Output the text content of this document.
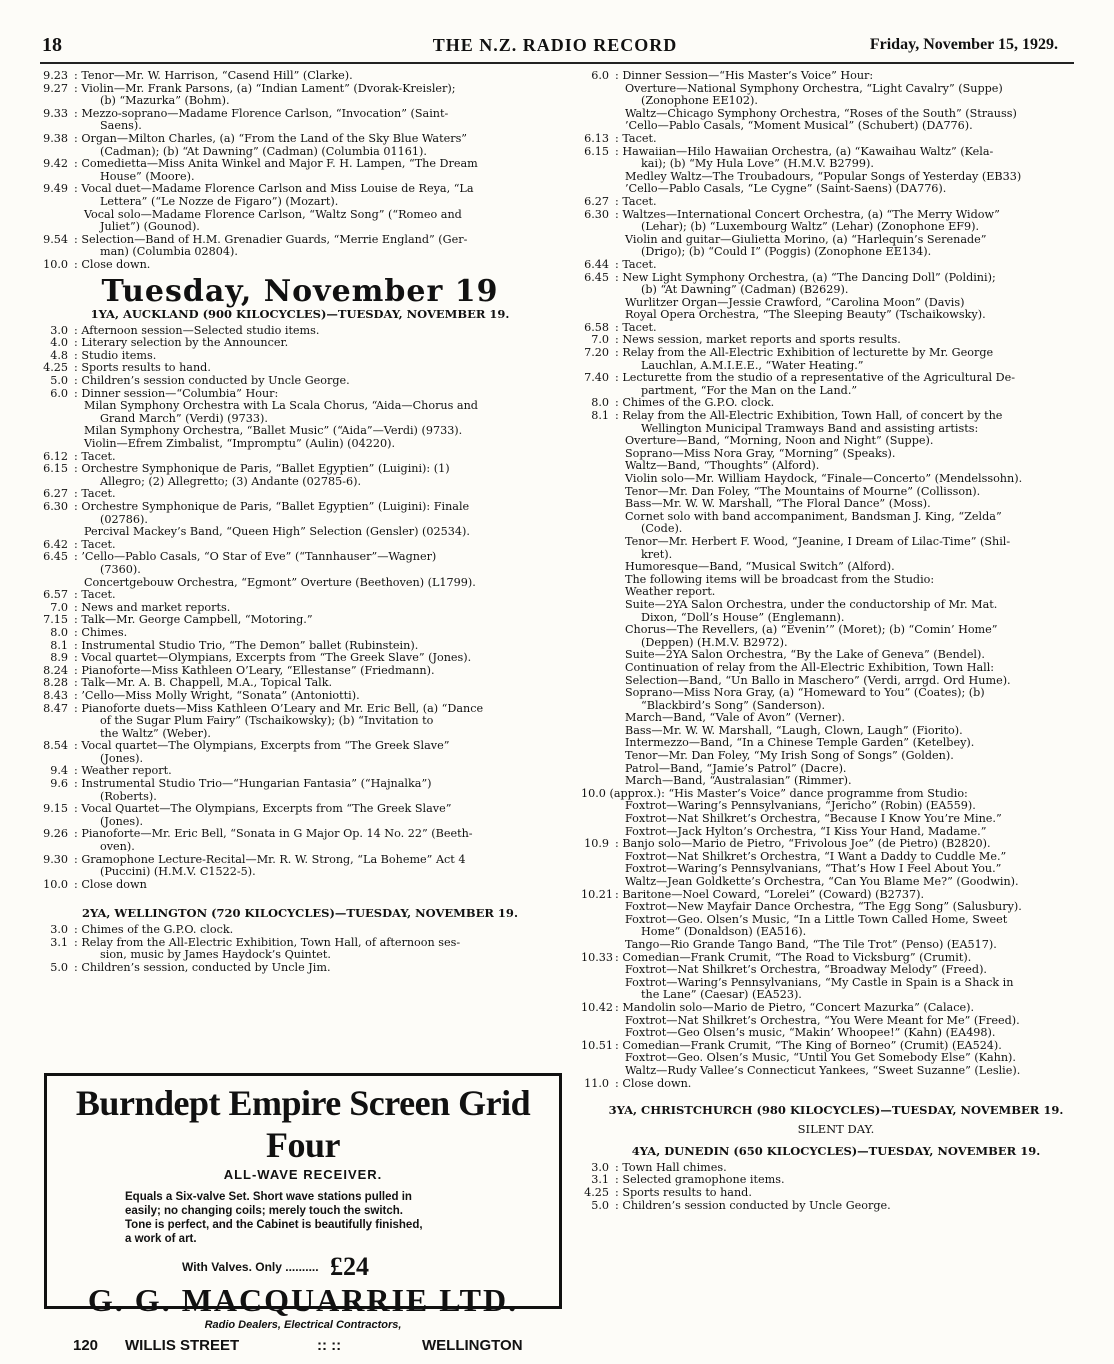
18	THE N.Z. RADIO RECORD	Friday, November 15, 1929.
9.23 : Tenor—Mr. W. Harrison, “Casend Hill” (Clarke).
9.27 : Violin—Mr. Frank Parsons, (a) “Indian Lament” (Dvorak-Kreisler);
(b) “Mazurka” (Bohm).
9.33 : Mezzo-soprano—Madame Florence Carlson, “Invocation” (Saint-
Saens).
9.38 : Organ—Milton Charles, (a) “From the Land of the Sky Blue Waters”
(Cadman); (b) “At Dawning” (Cadman) (Columbia 01161).
9.42 : Comedietta—Miss Anita Winkel and Major F. H. Lampen, “The Dream
House” (Moore).
9.49 : Vocal duet—Madame Florence Carlson and Miss Louise de Reya, “La
Lettera” (“Le Nozze de Figaro”) (Mozart).
Vocal solo—Madame Florence Carlson, “Waltz Song” (“Romeo and
Juliet”) (Gounod).
9.54 : Selection—Band of H.M. Grenadier Guards, “Merrie England” (Ger-
man) (Columbia 02804).
10.0 : Close down.
Tuesday, November 19
1YA, AUCKLAND (900 KILOCYCLES)—TUESDAY, NOVEMBER 19.
3.0 : Afternoon session—Selected studio items.
4.0 : Literary selection by the Announcer.
4.8 : Studio items.
4.25 : Sports results to hand.
5.0 : Children’s session conducted by Uncle George.
6.0 : Dinner session—“Columbia” Hour:
Milan Symphony Orchestra with La Scala Chorus, “Aida—Chorus and
Grand March” (Verdi) (9733).
Milan Symphony Orchestra, “Ballet Music” (“Aida”—Verdi) (9733).
Violin—Efrem Zimbalist, “Impromptu” (Aulin) (04220).
6.12 : Tacet.
6.15 : Orchestre Symphonique de Paris, “Ballet Egyptien” (Luigini): (1)
Allegro; (2) Allegretto; (3) Andante (02785-6).
6.27 : Tacet.
6.30 : Orchestre Symphonique de Paris, “Ballet Egyptien” (Luigini): Finale
(02786).
Percival Mackey’s Band, “Queen High” Selection (Gensler) (02534).
6.42 : Tacet.
6.45 : ’Cello—Pablo Casals, “O Star of Eve” (“Tannhauser”—Wagner)
(7360).
Concertgebouw Orchestra, “Egmont” Overture (Beethoven) (L1799).
6.57 : Tacet.
7.0 : News and market reports.
7.15 : Talk—Mr. George Campbell, “Motoring.”
8.0 : Chimes.
8.1 : Instrumental Studio Trio, “The Demon” ballet (Rubinstein).
8.9 : Vocal quartet—Olympians, Excerpts from “The Greek Slave” (Jones).
8.24 : Pianoforte—Miss Kathleen O’Leary, “Ellestanse” (Friedmann).
8.28 : Talk—Mr. A. B. Chappell, M.A., Topical Talk.
8.43 : ’Cello—Miss Molly Wright, “Sonata” (Antoniotti).
8.47 : Pianoforte duets—Miss Kathleen O’Leary and Mr. Eric Bell, (a) “Dance
of the Sugar Plum Fairy” (Tschaikowsky); (b) “Invitation to
the Waltz” (Weber).
8.54 : Vocal quartet—The Olympians, Excerpts from “The Greek Slave”
(Jones).
9.4 : Weather report.
9.6 : Instrumental Studio Trio—“Hungarian Fantasia” (“Hajnalka”)
(Roberts).
9.15 : Vocal Quartet—The Olympians, Excerpts from “The Greek Slave”
(Jones).
9.26 : Pianoforte—Mr. Eric Bell, “Sonata in G Major Op. 14 No. 22” (Beeth-
oven).
9.30 : Gramophone Lecture-Recital—Mr. R. W. Strong, “La Boheme” Act 4
(Puccini) (H.M.V. C1522-5).
10.0 : Close down
2YA, WELLINGTON (720 KILOCYCLES)—TUESDAY, NOVEMBER 19.
3.0 : Chimes of the G.P.O. clock.
3.1 : Relay from the All-Electric Exhibition, Town Hall, of afternoon ses-
sion, music by James Haydock’s Quintet.
5.0 : Children’s session, conducted by Uncle Jim.
Burndept Empire Screen Grid Four
ALL-WAVE RECEIVER.
Equals a Six-valve Set. Short wave stations pulled in
easily; no changing coils; merely touch the switch.
Tone is perfect, and the Cabinet is beautifully finished,
a work of art.
With Valves. Only .......... £24
G. G. MACQUARRIE LTD.
Radio Dealers, Electrical Contractors,
120 WILLIS STREET	:: ::	WELLINGTON
6.0 : Dinner Session—“His Master’s Voice” Hour:
Overture—National Symphony Orchestra, “Light Cavalry” (Suppe)
(Zonophone EE102).
Waltz—Chicago Symphony Orchestra, “Roses of the South” (Strauss)
’Cello—Pablo Casals, “Moment Musical” (Schubert) (DA776).
6.13 : Tacet.
6.15 : Hawaiian—Hilo Hawaiian Orchestra, (a) “Kawaihau Waltz” (Kela-
kai); (b) “My Hula Love” (H.M.V. B2799).
Medley Waltz—The Troubadours, “Popular Songs of Yesterday (EB33)
’Cello—Pablo Casals, “Le Cygne” (Saint-Saens) (DA776).
6.27 : Tacet.
6.30 : Waltzes—International Concert Orchestra, (a) “The Merry Widow”
(Lehar); (b) “Luxembourg Waltz” (Lehar) (Zonophone EF9).
Violin and guitar—Giulietta Morino, (a) “Harlequin’s Serenade”
(Drigo); (b) “Could I” (Poggis) (Zonophone EE134).
6.44 : Tacet.
6.45 : New Light Symphony Orchestra, (a) “The Dancing Doll” (Poldini);
(b) “At Dawning” (Cadman) (B2629).
Wurlitzer Organ—Jessie Crawford, “Carolina Moon” (Davis)
Royal Opera Orchestra, “The Sleeping Beauty” (Tschaikowsky).
6.58 : Tacet.
7.0 : News session, market reports and sports results.
7.20 : Relay from the All-Electric Exhibition of lecturette by Mr. George
Lauchlan, A.M.I.E.E., “Water Heating.”
7.40 : Lecturette from the studio of a representative of the Agricultural De-
partment, “For the Man on the Land.”
8.0 : Chimes of the G.P.O. clock.
8.1 : Relay from the All-Electric Exhibition, Town Hall, of concert by the
Wellington Municipal Tramways Band and assisting artists:
Overture—Band, “Morning, Noon and Night” (Suppe).
Soprano—Miss Nora Gray, “Morning” (Speaks).
Waltz—Band, “Thoughts” (Alford).
Violin solo—Mr. William Haydock, “Finale—Concerto” (Mendelssohn).
Tenor—Mr. Dan Foley, “The Mountains of Mourne” (Collisson).
Bass—Mr. W. W. Marshall, “The Floral Dance” (Moss).
Cornet solo with band accompaniment, Bandsman J. King, “Zelda”
(Code).
Tenor—Mr. Herbert F. Wood, “Jeanine, I Dream of Lilac-Time” (Shil-
kret).
Humoresque—Band, “Musical Switch” (Alford).
The following items will be broadcast from the Studio:
Weather report.
Suite—2YA Salon Orchestra, under the conductorship of Mr. Mat.
Dixon, “Doll’s House” (Englemann).
Chorus—The Revellers, (a) “Evenin’” (Moret); (b) “Comin’ Home”
(Deppen) (H.M.V. B2972).
Suite—2YA Salon Orchestra, “By the Lake of Geneva” (Bendel).
Continuation of relay from the All-Electric Exhibition, Town Hall:
Selection—Band, “Un Ballo in Maschero” (Verdi, arrgd. Ord Hume).
Soprano—Miss Nora Gray, (a) “Homeward to You” (Coates); (b)
“Blackbird’s Song” (Sanderson).
March—Band, “Vale of Avon” (Verner).
Bass—Mr. W. W. Marshall, “Laugh, Clown, Laugh” (Fiorito).
Intermezzo—Band, “In a Chinese Temple Garden” (Ketelbey).
Tenor—Mr. Dan Foley, “My Irish Song of Songs” (Golden).
Patrol—Band, “Jamie’s Patrol” (Dacre).
March—Band, “Australasian” (Rimmer).
10.0 (approx.): “His Master’s Voice” dance programme from Studio:
Foxtrot—Waring’s Pennsylvanians, “Jericho” (Robin) (EA559).
Foxtrot—Nat Shilkret’s Orchestra, “Because I Know You’re Mine.”
Foxtrot—Jack Hylton’s Orchestra, “I Kiss Your Hand, Madame.”
10.9 : Banjo solo—Mario de Pietro, “Frivolous Joe” (de Pietro) (B2820).
Foxtrot—Nat Shilkret’s Orchestra, “I Want a Daddy to Cuddle Me.”
Foxtrot—Waring’s Pennsylvanians, “That’s How I Feel About You.”
Waltz—Jean Goldkette’s Orchestra, “Can You Blame Me?” (Goodwin).
10.21 : Baritone—Noel Coward, “Lorelei” (Coward) (B2737).
Foxtrot—New Mayfair Dance Orchestra, “The Egg Song” (Salusbury).
Foxtrot—Geo. Olsen’s Music, “In a Little Town Called Home, Sweet
Home” (Donaldson) (EA516).
Tango—Rio Grande Tango Band, “The Tile Trot” (Penso) (EA517).
10.33 : Comedian—Frank Crumit, “The Road to Vicksburg” (Crumit).
Foxtrot—Nat Shilkret’s Orchestra, “Broadway Melody” (Freed).
Foxtrot—Waring’s Pennsylvanians, “My Castle in Spain is a Shack in
the Lane” (Caesar) (EA523).
10.42 : Mandolin solo—Mario de Pietro, “Concert Mazurka” (Calace).
Foxtrot—Nat Shilkret’s Orchestra, “You Were Meant for Me” (Freed).
Foxtrot—Geo Olsen’s music, “Makin’ Whoopee!” (Kahn) (EA498).
10.51 : Comedian—Frank Crumit, “The King of Borneo” (Crumit) (EA524).
Foxtrot—Geo. Olsen’s Music, “Until You Get Somebody Else” (Kahn).
Waltz—Rudy Vallee’s Connecticut Yankees, “Sweet Suzanne” (Leslie).
11.0 : Close down.
3YA, CHRISTCHURCH (980 KILOCYCLES)—TUESDAY, NOVEMBER 19.
SILENT DAY.
4YA, DUNEDIN (650 KILOCYCLES)—TUESDAY, NOVEMBER 19.
3.0 : Town Hall chimes.
3.1 : Selected gramophone items.
4.25 : Sports results to hand.
5.0 : Children’s session conducted by Uncle George.
